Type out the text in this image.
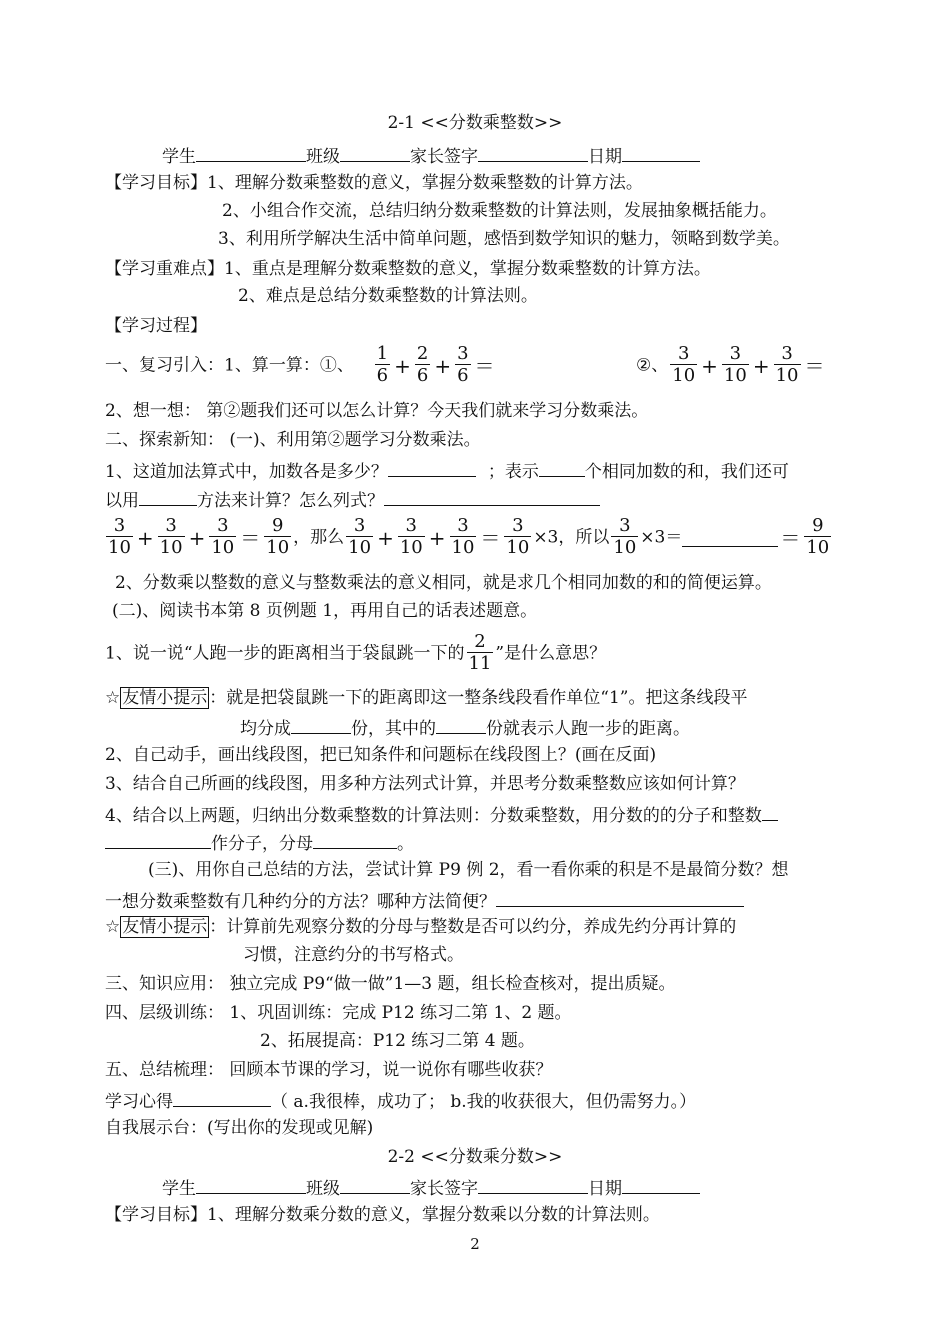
2-1 <<分数乘整数>>
学生	班级	家长签字	日期
【学习目标】1、理解分数乘整数的意义，掌握分数乘整数的计算方法。
2、小组合作交流，总结归纳分数乘整数的计算法则，发展抽象概括能力。
3、利用所学解决生活中简单问题，感悟到数学知识的魅力，领略到数学美。
【学习重难点】1、重点是理解分数乘整数的意义，掌握分数乘整数的计算方法。
2、难点是总结分数乘整数的计算法则。
【学习过程】
一、复习引入：1、算一算：①、 $\frac{1}{6} + \frac{2}{6} + \frac{3}{6}$ ＝	②、 $\frac{3}{10} + \frac{3}{10} + \frac{3}{10}$ ＝
2、想一想： 第②题我们还可以怎么计算？今天我们就来学习分数乘法。
二、探索新知： (一)、利用第②题学习分数乘法。
1、这道加法算式中，加数各是多少？	；表示	个相同加数的和，我们还可
以用	方法来计算？怎么列式？
$\frac{3}{10} + \frac{3}{10} + \frac{3}{10} = \frac{9}{10}$ ，那么 $\frac{3}{10} + \frac{3}{10} + \frac{3}{10} = \frac{3}{10} \times 3$，所以 $\frac{3}{10} \times 3=$	＝ $\frac{9}{10}$
2、分数乘以整数的意义与整数乘法的意义相同，就是求几个相同加数的和的简便运算。
(二)、阅读书本第 8 页例题 1，再用自己的话表述题意。
1、说一说“人跑一步的距离相当于袋鼠跳一下的 $\frac{2}{11}$ ”是什么意思？
☆ 友情小提示 ：就是把袋鼠跳一下的距离即这一整条线段看作单位“1”。把这条线段平
均分成	份，其中的	份就表示人跑一步的距离。
2、自己动手，画出线段图，把已知条件和问题标在线段图上？(画在反面)
3、结合自己所画的线段图，用多种方法列式计算，并思考分数乘整数应该如何计算？
4、结合以上两题，归纳出分数乘整数的计算法则：分数乘整数，用分数的的分子和整数
作分子，分母	。
(三)、用你自己总结的方法，尝试计算 P9 例 2，看一看你乘的积是不是最简分数？想
一想分数乘整数有几种约分的方法？哪种方法简便？
☆ 友情小提示 ：计算前先观察分数的分母与整数是否可以约分，养成先约分再计算的
习惯，注意约分的书写格式。
三、知识应用： 独立完成 P9“做一做”1—3 题，组长检查核对，提出质疑。
四、层级训练： 1、巩固训练：完成 P12 练习二第 1、2 题。
2、拓展提高：P12 练习二第 4 题。
五、总结梳理： 回顾本节课的学习，说一说你有哪些收获？
学习心得	（ a.我很棒，成功了； b.我的收获很大，但仍需努力。）
自我展示台：(写出你的发现或见解)
2-2 <<分数乘分数>>
学生	班级	家长签字	日期
【学习目标】1、理解分数乘分数的意义，掌握分数乘以分数的计算法则。
2
